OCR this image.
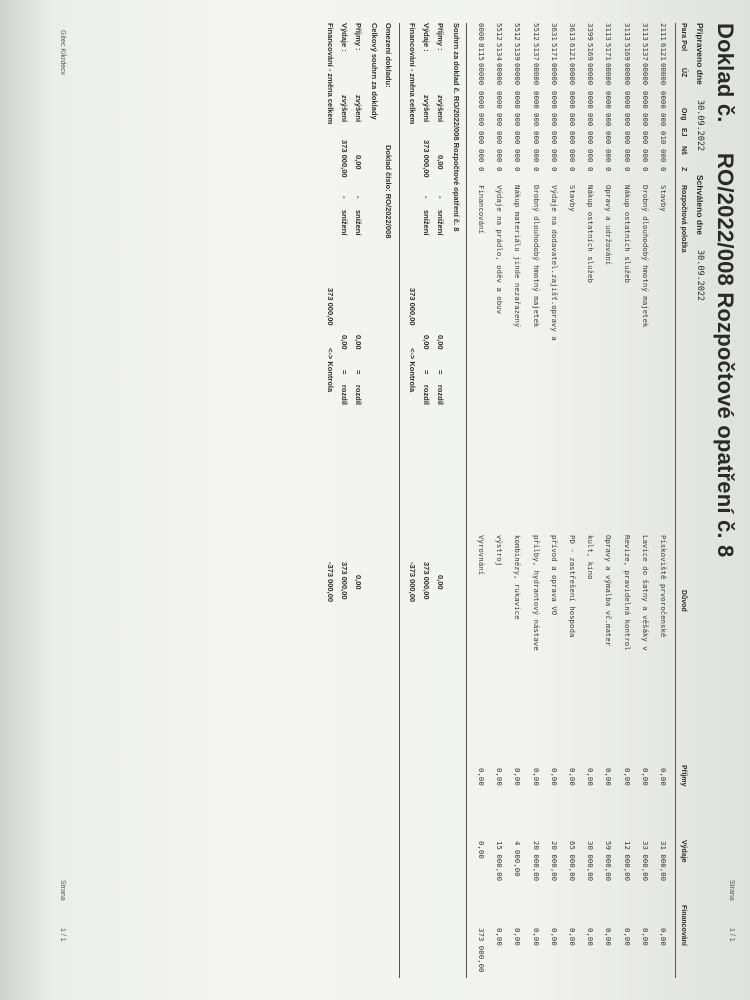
Doklad č. RO/2022/008 Rozpočtové opatření č. 8
Strana
1 / 1
Připraveno dne
30.09.2022
Schváleno dne
30.09.2022
Para Pol
ÚZ
Org
EJ
Nš
Z
Rozpočtová položka
Důvod
Příjmy
Výdaje
Financování
2111
6121
00000
0000
000
010
000
0
Stavby
Pískoviště prvoročenské
0,00
31 000,00
0,00
3113
5137
00000
0000
000
000
000
0
Drobný dlouhodobý hmotný majetek
Lavice do šatny a věšáky v
0,00
33 000,00
0,00
3113
5169
00000
0000
000
000
000
0
Nákup ostatních služeb
Revize, pravidelná kontrol
0,00
12 000,00
0,00
3113
5171
00000
0000
000
000
000
0
Opravy a udržování
Opravy a výmalba vč.mater
0,00
59 000,00
0,00
3399
5169
00000
0000
000
000
000
0
Nákup ostatních služeb
kult, kino
0,00
30 000,00
0,00
3613
6121
00000
0000
000
000
000
0
Stavby
PD - zastřešení hospoda
0,00
65 000,00
0,00
3631
5171
00000
0000
000
000
000
0
Výdaje na dodavatel.zajišť.opravy a
přívod a oprava VO
0,00
20 000,00
0,00
5512
5137
00000
0000
000
000
000
0
Drobný dlouhodobý hmotný majetek
přílby, hydrantový nástave
0,00
20 000,00
0,00
5512
5139
00000
0000
000
000
000
0
Nákup materiálu jinde nezařazený
kombinézy, rukavice
0,00
4 000,00
0,00
5512
5134
00000
0000
000
000
000
0
Výdaje na prádlo, oděv a obuv
výstroj
0,00
15 000,00
0,00
0000
8115
00000
0000
000
000
000
0
Financování
Vyrovnání
0,00
0,00
373 000,00
Souhrn za doklad č. RO/2022/008 Rozpočtové opatření č. 8
Příjmy :
zvýšení
0,00
-
snížení
0,00
=
rozdíl
0,00
Výdaje :
zvýšení
373 000,00
-
snížení
0,00
=
rozdíl
373 000,00
Financování - změna celkem
373 000,00
<-> Kontrola
-373 000,00
Omezení dokladu:
Doklad číslo: RO/2022/008
Celkový souhrn za doklady
Příjmy :
zvýšení
0,00
-
snížení
0,00
=
rozdíl
0,00
Výdaje :
zvýšení
373 000,00
-
snížení
0,00
=
rozdíl
373 000,00
Financování - změna celkem
373 000,00
<-> Kontrola
-373 000,00
Gitec Kikrdecv
Strana
1 / 1
